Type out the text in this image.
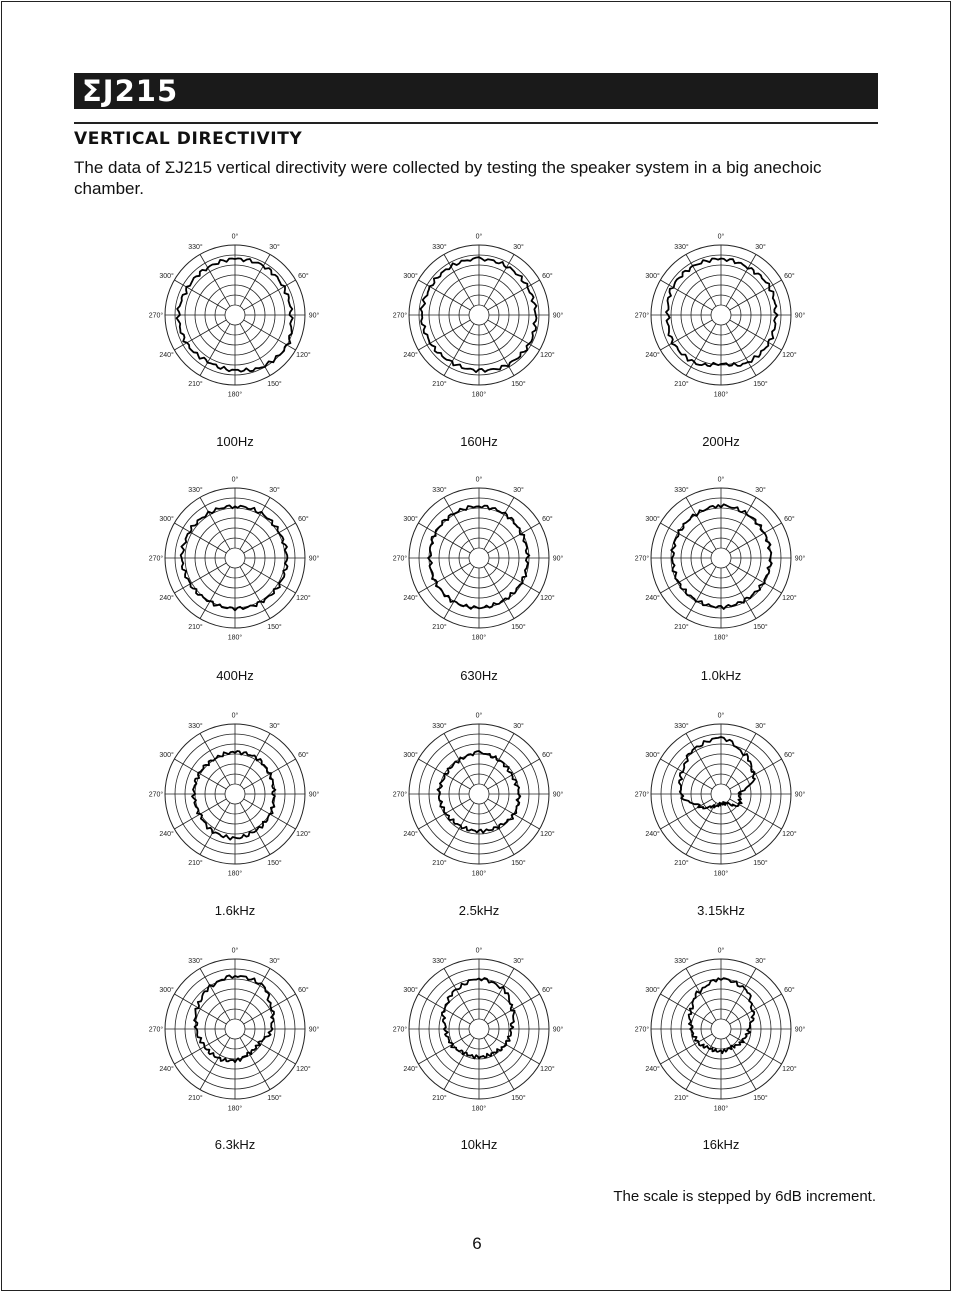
ΣJ215
VERTICAL DIRECTIVITY
The data of ΣJ215 vertical directivity were collected by testing the speaker system in a big anechoic chamber.
0°
30°
60°
90°
120°
150°
180°
210°
240°
270°
300°
330°
100Hz
0°
30°
60°
90°
120°
150°
180°
210°
240°
270°
300°
330°
160Hz
0°
30°
60°
90°
120°
150°
180°
210°
240°
270°
300°
330°
200Hz
0°
30°
60°
90°
120°
150°
180°
210°
240°
270°
300°
330°
400Hz
0°
30°
60°
90°
120°
150°
180°
210°
240°
270°
300°
330°
630Hz
0°
30°
60°
90°
120°
150°
180°
210°
240°
270°
300°
330°
1.0kHz
0°
30°
60°
90°
120°
150°
180°
210°
240°
270°
300°
330°
1.6kHz
0°
30°
60°
90°
120°
150°
180°
210°
240°
270°
300°
330°
2.5kHz
0°
30°
60°
90°
120°
150°
180°
210°
240°
270°
300°
330°
3.15kHz
0°
30°
60°
90°
120°
150°
180°
210°
240°
270°
300°
330°
6.3kHz
0°
30°
60°
90°
120°
150°
180°
210°
240°
270°
300°
330°
10kHz
0°
30°
60°
90°
120°
150°
180°
210°
240°
270°
300°
330°
16kHz
The scale is stepped by 6dB increment.
6
